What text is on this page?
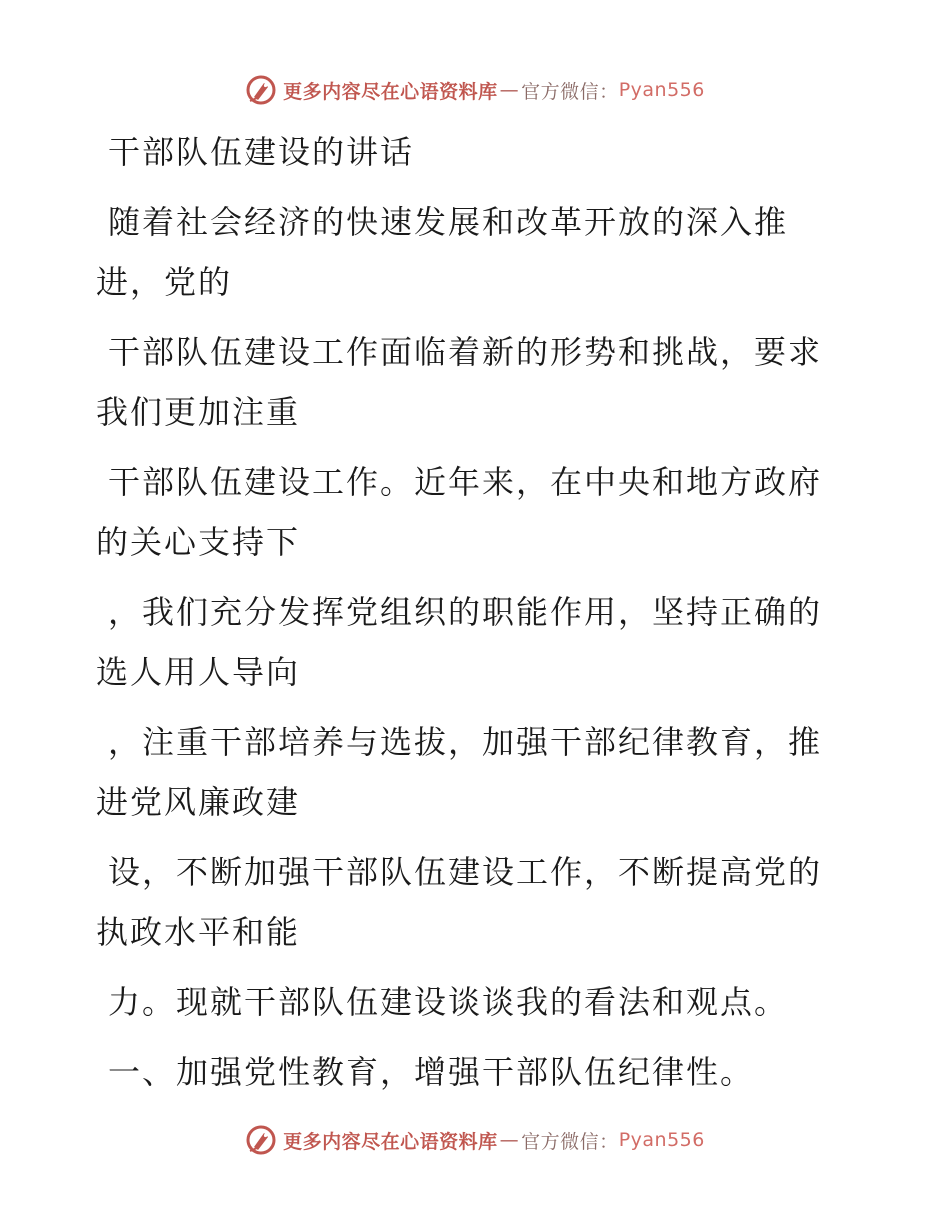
更多内容尽在心语资料库 — 官方微信： Pyan556
干部队伍建设的讲话
随着社会经济的快速发展和改革开放的深入推
进，党的
干部队伍建设工作面临着新的形势和挑战，要求
我们更加注重
干部队伍建设工作。近年来，在中央和地方政府
的关心支持下
，我们充分发挥党组织的职能作用，坚持正确的
选人用人导向
，注重干部培养与选拔，加强干部纪律教育，推
进党风廉政建
设，不断加强干部队伍建设工作，不断提高党的
执政水平和能
力。现就干部队伍建设谈谈我的看法和观点。
一、加强党性教育，增强干部队伍纪律性。
更多内容尽在心语资料库 — 官方微信： Pyan556
